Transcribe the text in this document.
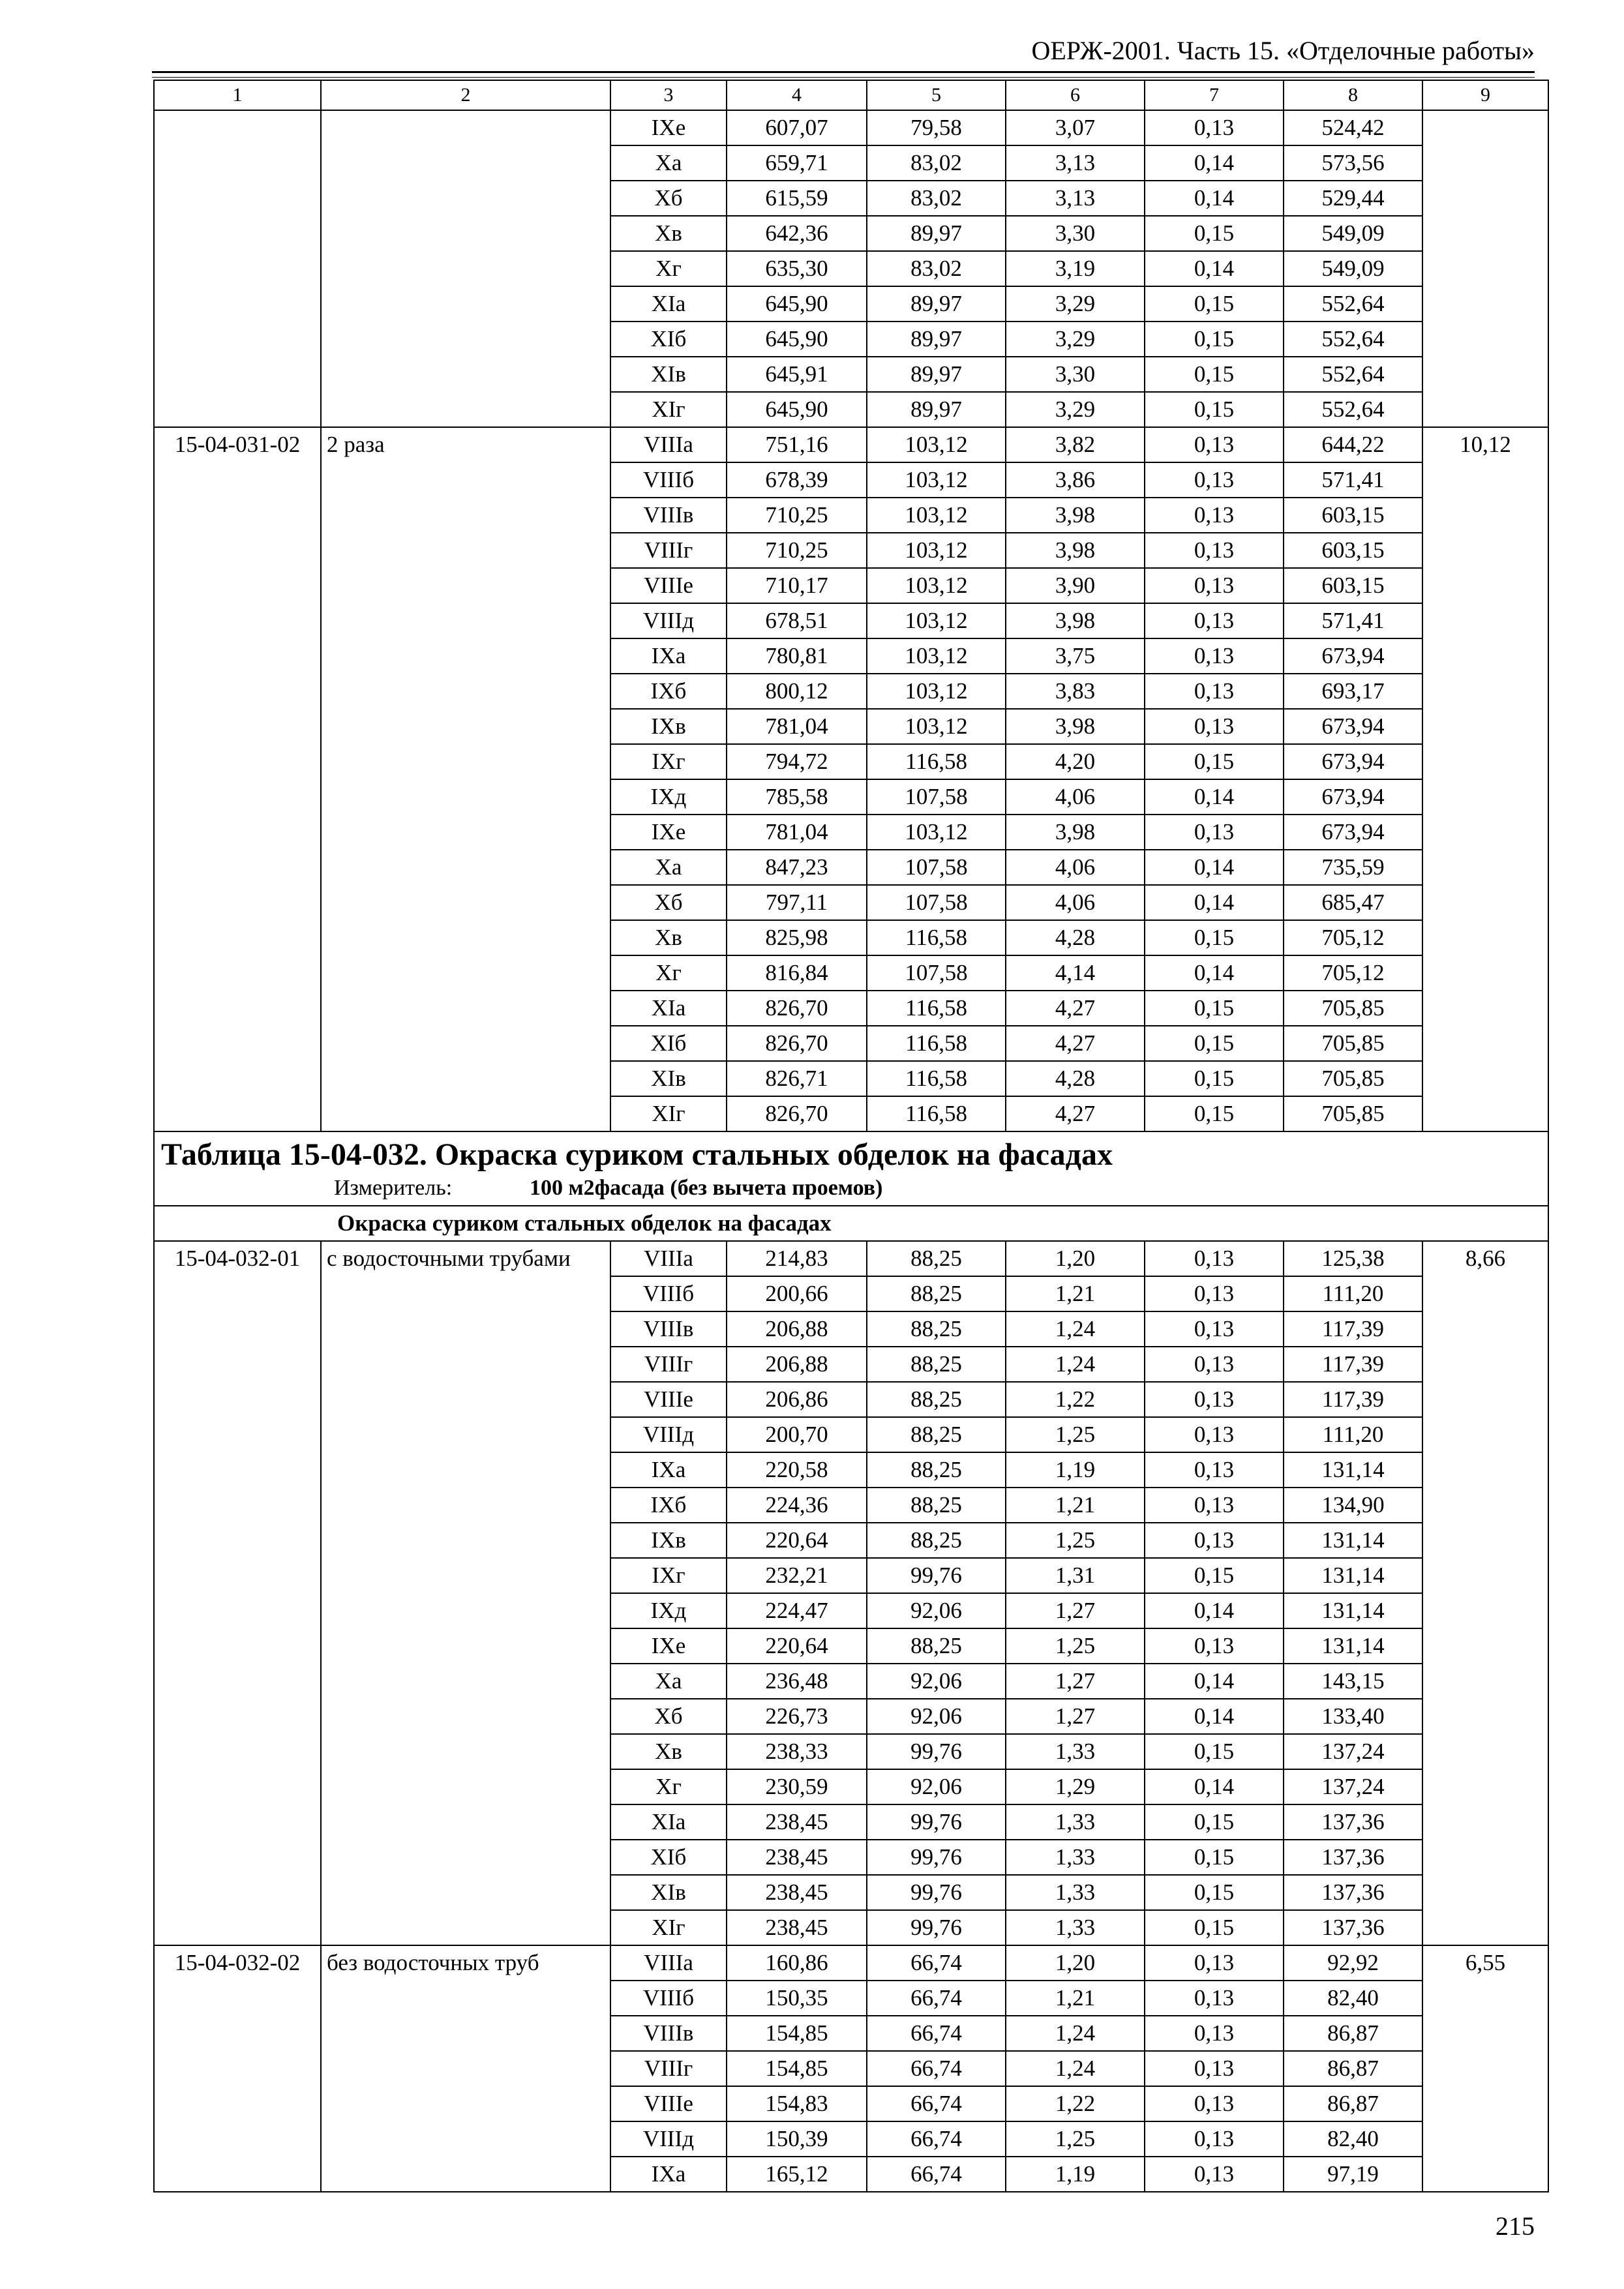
ОЕРЖ-2001. Часть 15. «Отделочные работы»
1	2	3	4	5	6	7	8	9
		IXе	607,07	79,58	3,07	0,13	524,42	
		Xа	659,71	83,02	3,13	0,14	573,56	
		Xб	615,59	83,02	3,13	0,14	529,44	
		Xв	642,36	89,97	3,30	0,15	549,09	
		Xг	635,30	83,02	3,19	0,14	549,09	
		XIа	645,90	89,97	3,29	0,15	552,64	
		XIб	645,90	89,97	3,29	0,15	552,64	
		XIв	645,91	89,97	3,30	0,15	552,64	
		XIг	645,90	89,97	3,29	0,15	552,64	
15-04-031-02	2 раза	VIIIа	751,16	103,12	3,82	0,13	644,22	10,12
		VIIIб	678,39	103,12	3,86	0,13	571,41	
		VIIIв	710,25	103,12	3,98	0,13	603,15	
		VIIIг	710,25	103,12	3,98	0,13	603,15	
		VIIIе	710,17	103,12	3,90	0,13	603,15	
		VIIIд	678,51	103,12	3,98	0,13	571,41	
		IXа	780,81	103,12	3,75	0,13	673,94	
		IXб	800,12	103,12	3,83	0,13	693,17	
		IXв	781,04	103,12	3,98	0,13	673,94	
		IXг	794,72	116,58	4,20	0,15	673,94	
		IXд	785,58	107,58	4,06	0,14	673,94	
		IXе	781,04	103,12	3,98	0,13	673,94	
		Xа	847,23	107,58	4,06	0,14	735,59	
		Xб	797,11	107,58	4,06	0,14	685,47	
		Xв	825,98	116,58	4,28	0,15	705,12	
		Xг	816,84	107,58	4,14	0,14	705,12	
		XIа	826,70	116,58	4,27	0,15	705,85	
		XIб	826,70	116,58	4,27	0,15	705,85	
		XIв	826,71	116,58	4,28	0,15	705,85	
		XIг	826,70	116,58	4,27	0,15	705,85	

Таблица 15-04-032. Окраска суриком стальных обделок на фасадах
Измеритель: 100 м2фасада (без вычета проемов)								

Окраска суриком стальных обделок на фасадах								
15-04-032-01	с водосточными трубами	VIIIа	214,83	88,25	1,20	0,13	125,38	8,66
		VIIIб	200,66	88,25	1,21	0,13	111,20	
		VIIIв	206,88	88,25	1,24	0,13	117,39	
		VIIIг	206,88	88,25	1,24	0,13	117,39	
		VIIIе	206,86	88,25	1,22	0,13	117,39	
		VIIIд	200,70	88,25	1,25	0,13	111,20	
		IXа	220,58	88,25	1,19	0,13	131,14	
		IXб	224,36	88,25	1,21	0,13	134,90	
		IXв	220,64	88,25	1,25	0,13	131,14	
		IXг	232,21	99,76	1,31	0,15	131,14	
		IXд	224,47	92,06	1,27	0,14	131,14	
		IXе	220,64	88,25	1,25	0,13	131,14	
		Xа	236,48	92,06	1,27	0,14	143,15	
		Xб	226,73	92,06	1,27	0,14	133,40	
		Xв	238,33	99,76	1,33	0,15	137,24	
		Xг	230,59	92,06	1,29	0,14	137,24	
		XIа	238,45	99,76	1,33	0,15	137,36	
		XIб	238,45	99,76	1,33	0,15	137,36	
		XIв	238,45	99,76	1,33	0,15	137,36	
		XIг	238,45	99,76	1,33	0,15	137,36	
15-04-032-02	без водосточных труб	VIIIа	160,86	66,74	1,20	0,13	92,92	6,55
		VIIIб	150,35	66,74	1,21	0,13	82,40	
		VIIIв	154,85	66,74	1,24	0,13	86,87	
		VIIIг	154,85	66,74	1,24	0,13	86,87	
		VIIIе	154,83	66,74	1,22	0,13	86,87	
		VIIIд	150,39	66,74	1,25	0,13	82,40	
		IXа	165,12	66,74	1,19	0,13	97,19	
215
